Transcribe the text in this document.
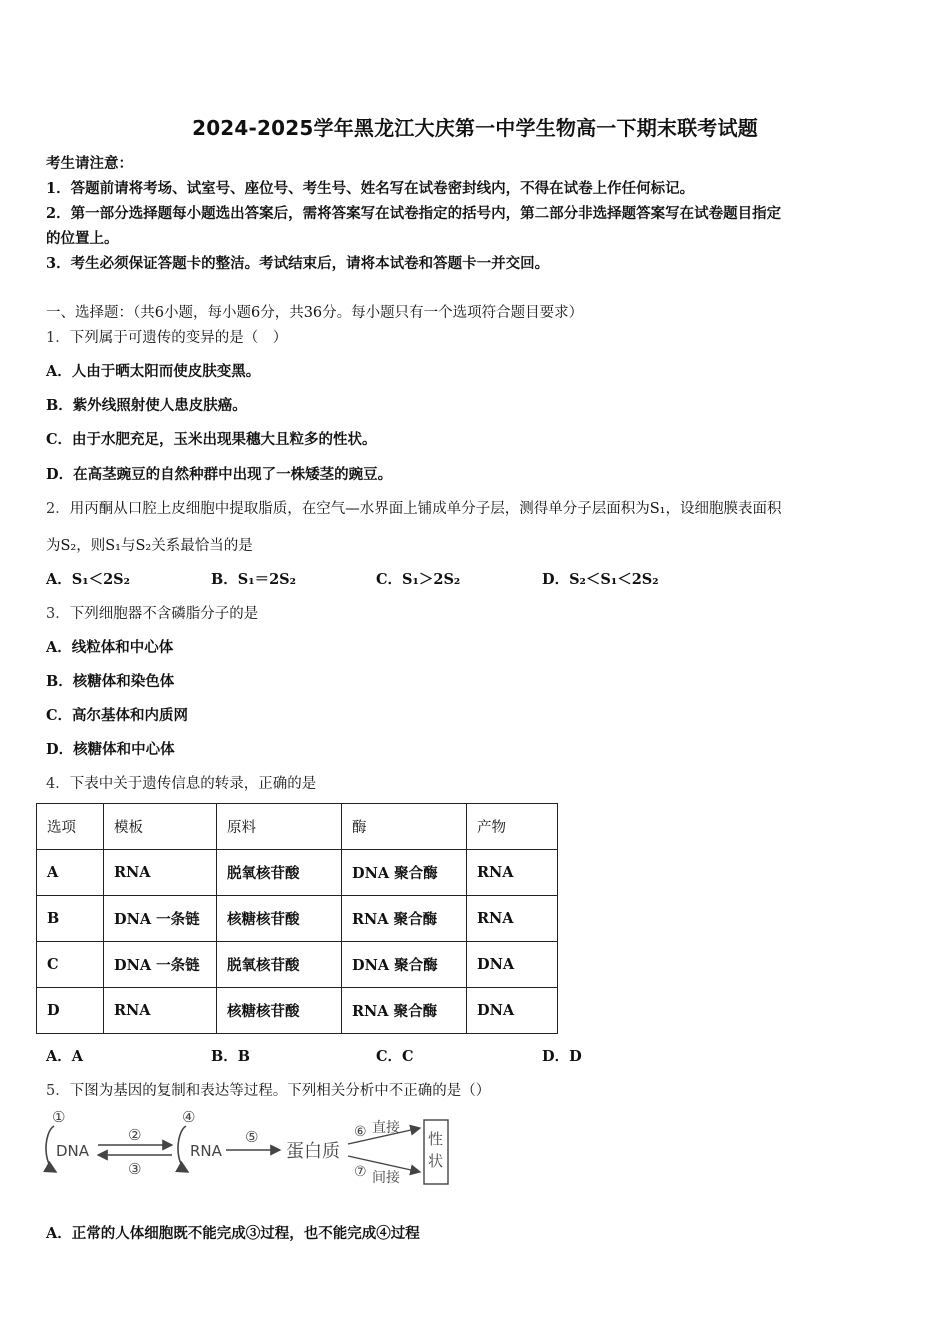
2024-2025学年黑龙江大庆第一中学生物高一下期末联考试题
考生请注意：
1．答题前请将考场、试室号、座位号、考生号、姓名写在试卷密封线内，不得在试卷上作任何标记。
2．第一部分选择题每小题选出答案后，需将答案写在试卷指定的括号内，第二部分非选择题答案写在试卷题目指定
的位置上。
3．考生必须保证答题卡的整洁。考试结束后，请将本试卷和答题卡一并交回。
一、选择题：（共6小题，每小题6分，共36分。每小题只有一个选项符合题目要求）
1．下列属于可遗传的变异的是（　）
A．人由于晒太阳而使皮肤变黑。
B．紫外线照射使人患皮肤癌。
C．由于水肥充足，玉米出现果穗大且粒多的性状。
D．在高茎豌豆的自然种群中出现了一株矮茎的豌豆。
2．用丙酮从口腔上皮细胞中提取脂质，在空气—水界面上铺成单分子层，测得单分子层面积为S₁，设细胞膜表面积
为S₂，则S₁与S₂关系最恰当的是
A．S₁＜2S₂	B．S₁＝2S₂	C．S₁＞2S₂	D．S₂＜S₁＜2S₂
3．下列细胞器不含磷脂分子的是
A．线粒体和中心体
B．核糖体和染色体
C．高尔基体和内质网
D．核糖体和中心体
4．下表中关于遗传信息的转录，正确的是
选项	模板	原料	酶	产物
A	RNA	脱氧核苷酸	DNA 聚合酶	RNA
B	DNA 一条链	核糖核苷酸	RNA 聚合酶	RNA
C	DNA 一条链	脱氧核苷酸	DNA 聚合酶	DNA
D	RNA	核糖核苷酸	RNA 聚合酶	DNA
A．A	B．B	C．C	D．D
5．下图为基因的复制和表达等过程。下列相关分析中不正确的是（）
①
DNA
②
③
④
RNA
⑤
蛋白质
⑥ 直接
⑦ 间接
性状
A．正常的人体细胞既不能完成③过程，也不能完成④过程
